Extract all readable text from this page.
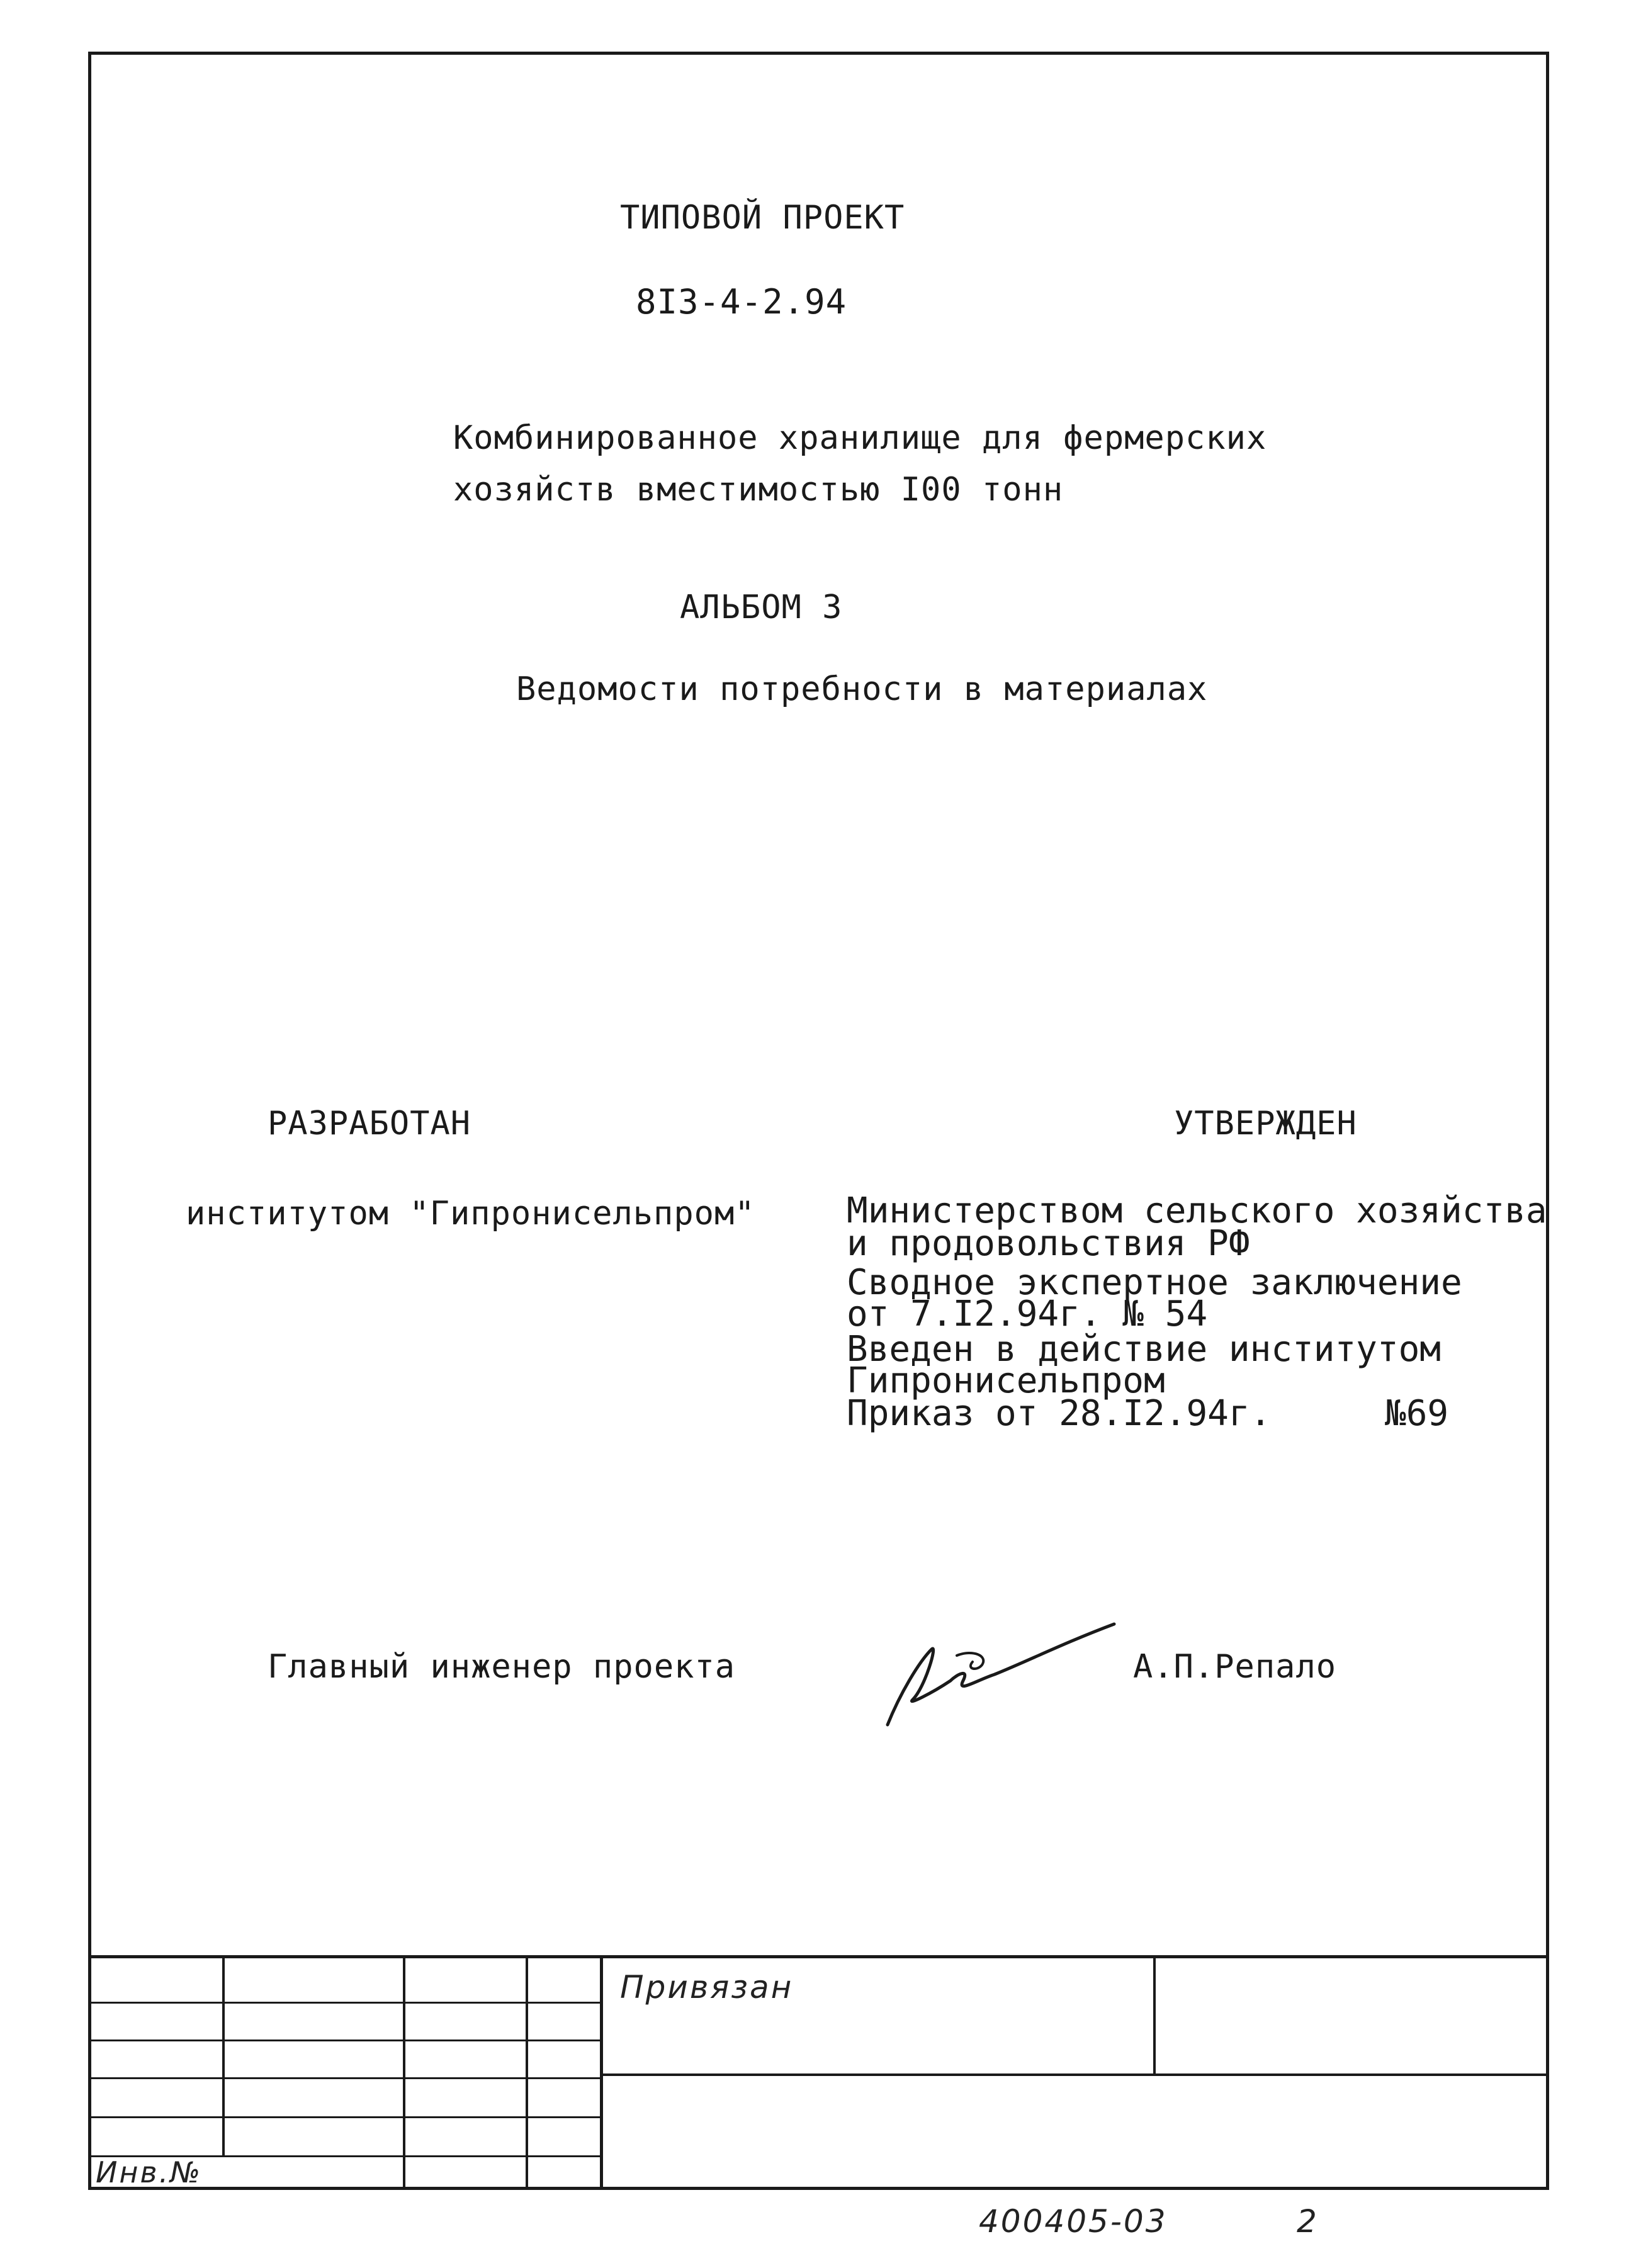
ТИПОВОЙ ПРОЕКТ
8I3-4-2.94
Комбинированное хранилище для фермерских
хозяйств вместимостью I00 тонн
АЛЬБОМ 3
Ведомости потребности в материалах
РАЗРАБОТАН
институтом "Гипронисельпром"
УТВЕРЖДЕН
Министерством сельского хозяйства
и продовольствия РФ
Сводное экспертное заключение
от 7.I2.94г. № 54
Введен в действие институтом
Гипронисельпром
Приказ от 28.I2.94г.	№69
Главный инженер проекта	А.П.Репало
Привязан
Инв.№
400405-03	2
